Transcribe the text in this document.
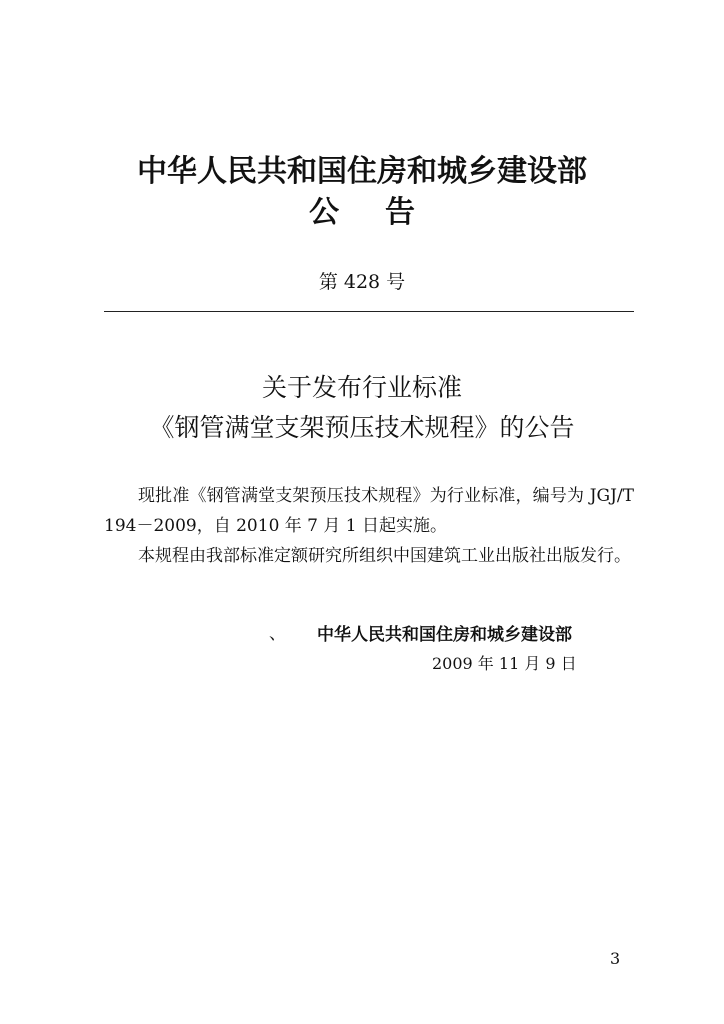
中华人民共和国住房和城乡建设部
公告
第 428 号
关于发布行业标准
《钢管满堂支架预压技术规程》的公告

现批准《钢管满堂支架预压技术规程》为行业标准，编号为 JGJ/T 194－2009，自 2010 年 7 月 1 日起实施。

本规程由我部标准定额研究所组织中国建筑工业出版社出版发行。

、 中华人民共和国住房和城乡建设部
2009 年 11 月 9 日
3
